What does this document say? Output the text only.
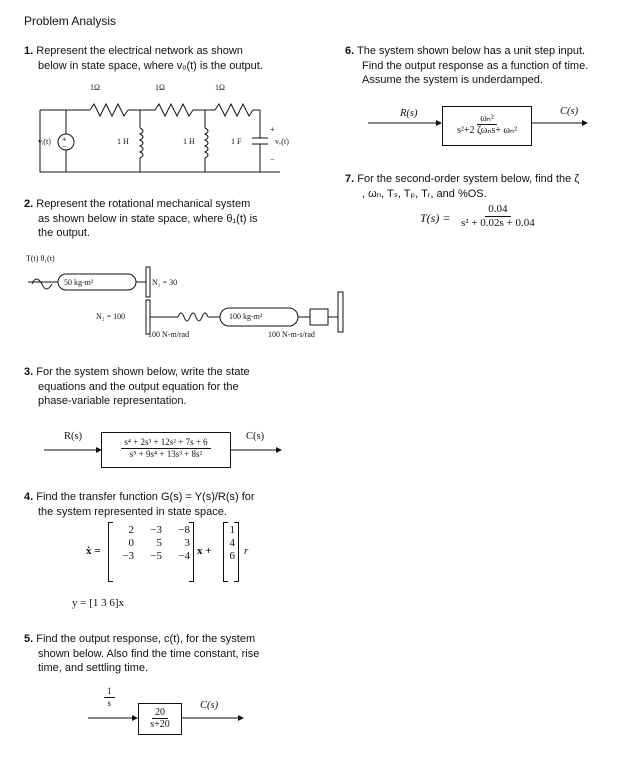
Problem Analysis
1. Represent the electrical network as shown
below in state space, where vₒ(t) is the output.
+
−
+
−
1Ω	1Ω	1Ω
1 H	1 H	1 F
vᵢ(t)	vₒ(t)
2. Represent the rotational mechanical system
as shown below in state space, where θ₁(t) is
the output.
T(t) θ₁(t)
50 kg-m²	N₁ = 30
N₂ = 100	100 kg-m²
100 N-m/rad	100 N-m-s/rad
3. For the system shown below, write the state
equations and the output equation for the
phase-variable representation.
R(s)	C(s)
$\frac{\text{s⁴ + 2s³ + 12s² + 7s + 6}}{\text{s⁵ + 9s⁴ + 13s³ + 8s²}}$
4. Find the transfer function G(s) = Y(s)/R(s) for
the system represented in state space.
ẋ =
2	−3	−8
0	5	3
−3	−5	−4 x +
1
4
6 r
y = [1 3 6]x
5. Find the output response, c(t), for the system
shown below. Also find the time constant, rise
time, and settling time.
$\frac{1}{s}$
$\frac{20}{s+20}$
C(s)
6. The system shown below has a unit step input.
Find the output response as a function of time.
Assume the system is underdamped.
R(s)	C(s)
$\frac{\text{ωₙ²}}{\text{s²+2 ζωₙs+ ωₙ²}}$
7. For the second-order system below, find the ζ
, ωₙ, Tₛ, Tₚ, Tᵣ, and %OS.
$T(s) = \frac{0.04}{\text{s² + 0.02s + 0.04}}$
